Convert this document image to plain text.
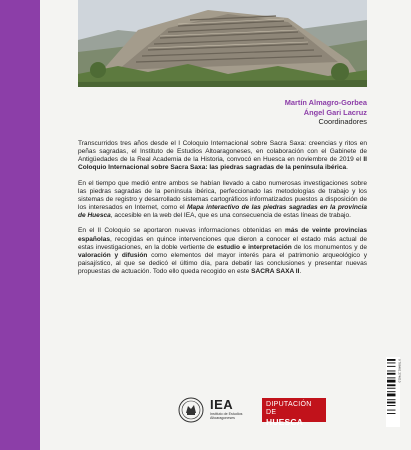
Martín Almagro-Gorbea
Ángel Gari Lacruz
Coordinadores

Transcurridos tres años desde el I Coloquio Internacional sobre Sacra Saxa: creencias y ritos en peñas sagradas, el Instituto de Estudios Altoaragoneses, en colaboración con el Gabinete de Antigüedades de la Real Academia de la Historia, convocó en Huesca en noviembre de 2019 el II Coloquio Internacional sobre Sacra Saxa: las piedras sagradas de la península ibérica.

En el tiempo que medió entre ambos se habían llevado a cabo numerosas investigaciones sobre las piedras sagradas de la península ibérica, perfeccionado las metodologías de trabajo y los sistemas de registro y desarrollado sistemas cartográficos informatizados puestos a disposición de los interesados en Internet, como el Mapa interactivo de las piedras sagradas en la provincia de Huesca, accesible en la web del IEA, que es una consecuencia de estas líneas de trabajo.

En el II Coloquio se aportaron nuevas informaciones obtenidas en más de veinte provincias españolas, recogidas en quince intervenciones que dieron a conocer el estado más actual de estas investigaciones, en la doble vertiente de estudio e interpretación de los monumentos y de valoración y difusión como elementos del mayor interés para el patrimonio arqueológico y paisajístico, al que se dedicó el último día, para debatir las conclusiones y presentar nuevas propuestas de actuación. Todo ello queda recogido en este SACRA SAXA II.

IEA
Instituto de Estudios Altoaragoneses
DIPUTACIÓN DE
HUESCA
9 788481 274010
